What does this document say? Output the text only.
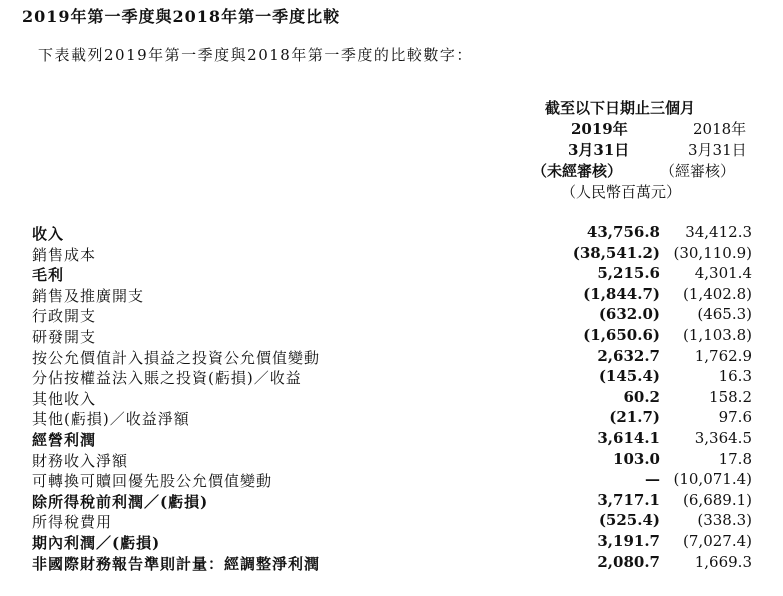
2019年第一季度與2018年第一季度比較
下表載列2019年第一季度與2018年第一季度的比較數字：
截至以下日期止三個月
2019年	2018年
3月31日	3月31日
（未經審核）	（經審核）
（人民幣百萬元）
收入	43,756.8	34,412.3
銷售成本	(38,541.2) (30,110.9)
毛利	5,215.6	4,301.4
銷售及推廣開支	(1,844.7)	(1,402.8)
行政開支	(632.0)	(465.3)
研發開支	(1,650.6)	(1,103.8)
按公允價值計入損益之投資公允價值變動	2,632.7	1,762.9
分佔按權益法入賬之投資(虧損)／收益	(145.4)	16.3
其他收入	60.2	158.2
其他(虧損)／收益淨額	(21.7)	97.6
經營利潤	3,614.1	3,364.5
財務收入淨額	103.0	17.8
可轉換可贖回優先股公允價值變動	— (10,071.4)
除所得稅前利潤／(虧損)	3,717.1	(6,689.1)
所得稅費用	(525.4)	(338.3)
期內利潤／(虧損)	3,191.7	(7,027.4)
非國際財務報告準則計量：經調整淨利潤	2,080.7	1,669.3
